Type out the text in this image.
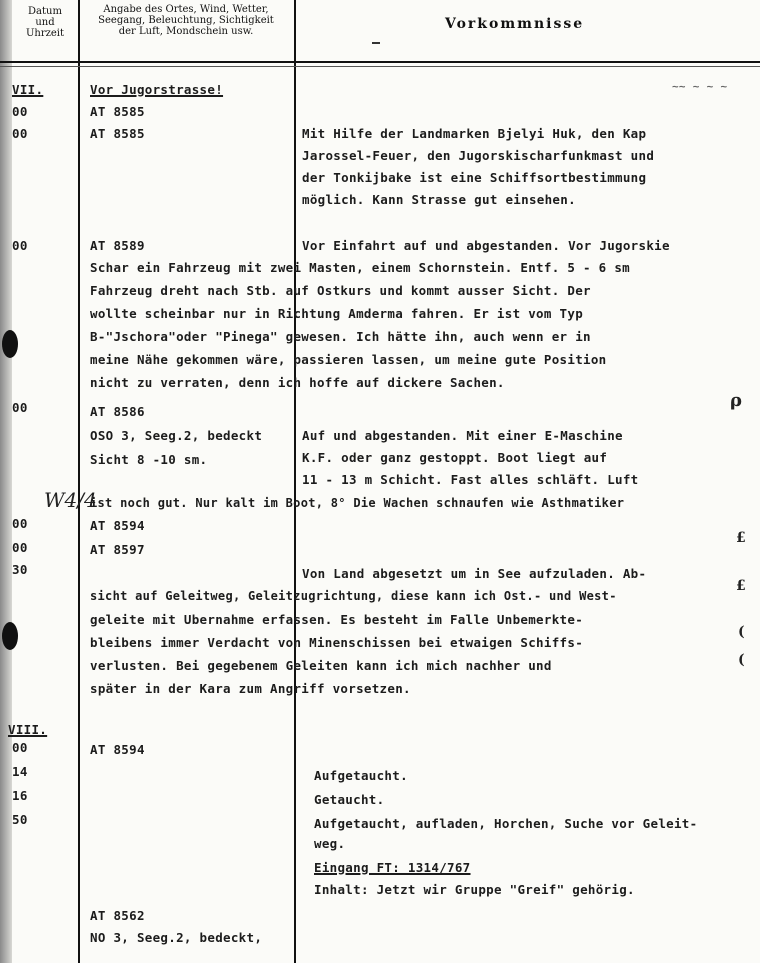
Datum
und
Uhrzeit
Angabe des Ortes, Wind, Wetter,
Seegang, Beleuchtung, Sichtigkeit
der Luft, Mondschein usw.	Vorkommnisse
~~ ~ ~ ~
W4/4
VII.
00
00
00
00
00
00
30
VIII.
00
14
16
50
Vor Jugorstrasse!
AT 8585
AT 8585
AT 8589
AT 8586
OSO 3, Seeg.2, bedeckt
Sicht 8 -10 sm.
AT 8594
AT 8597
AT 8594
AT 8562
NO 3, Seeg.2, bedeckt,
Mit Hilfe der Landmarken Bjelyi Huk, den Kap
Jarossel-Feuer, den Jugorskischarfunkmast und
der Tonkijbake ist eine Schiffsortbestimmung
möglich. Kann Strasse gut einsehen.
Vor Einfahrt auf und abgestanden. Vor Jugorskie
Schar ein Fahrzeug mit zwei Masten, einem Schornstein. Entf. 5 - 6 sm
Fahrzeug dreht nach Stb. auf Ostkurs und kommt ausser Sicht. Der
wollte scheinbar nur in Richtung Amderma fahren. Er ist vom Typ
B-"Jschora"oder "Pinega" gewesen. Ich hätte ihn, auch wenn er in
meine Nähe gekommen wäre, passieren lassen, um meine gute Position
nicht zu verraten, denn ich hoffe auf dickere Sachen.
Auf und abgestanden. Mit einer E-Maschine
K.F. oder ganz gestoppt. Boot liegt auf
11 - 13 m Schicht. Fast alles schläft. Luft
ist noch gut. Nur kalt im Boot, 8° Die Wachen schnaufen wie Asthmatiker
Von Land abgesetzt um in See aufzuladen. Ab-
sicht auf Geleitweg, Geleitzugrichtung, diese kann ich Ost.- und West-
geleite mit Ubernahme erfassen. Es besteht im Falle Unbemerkte-
bleibens immer Verdacht von Minenschissen bei etwaigen Schiffs-
verlusten. Bei gegebenem Geleiten kann ich mich nachher und
später in der Kara zum Angriff vorsetzen.
Aufgetaucht.
Getaucht.
Aufgetaucht, aufladen, Horchen, Suche vor Geleit-
weg.
Eingang FT: 1314/767
Inhalt: Jetzt wir Gruppe "Greif" gehörig.
ρ
£
£
(
(
